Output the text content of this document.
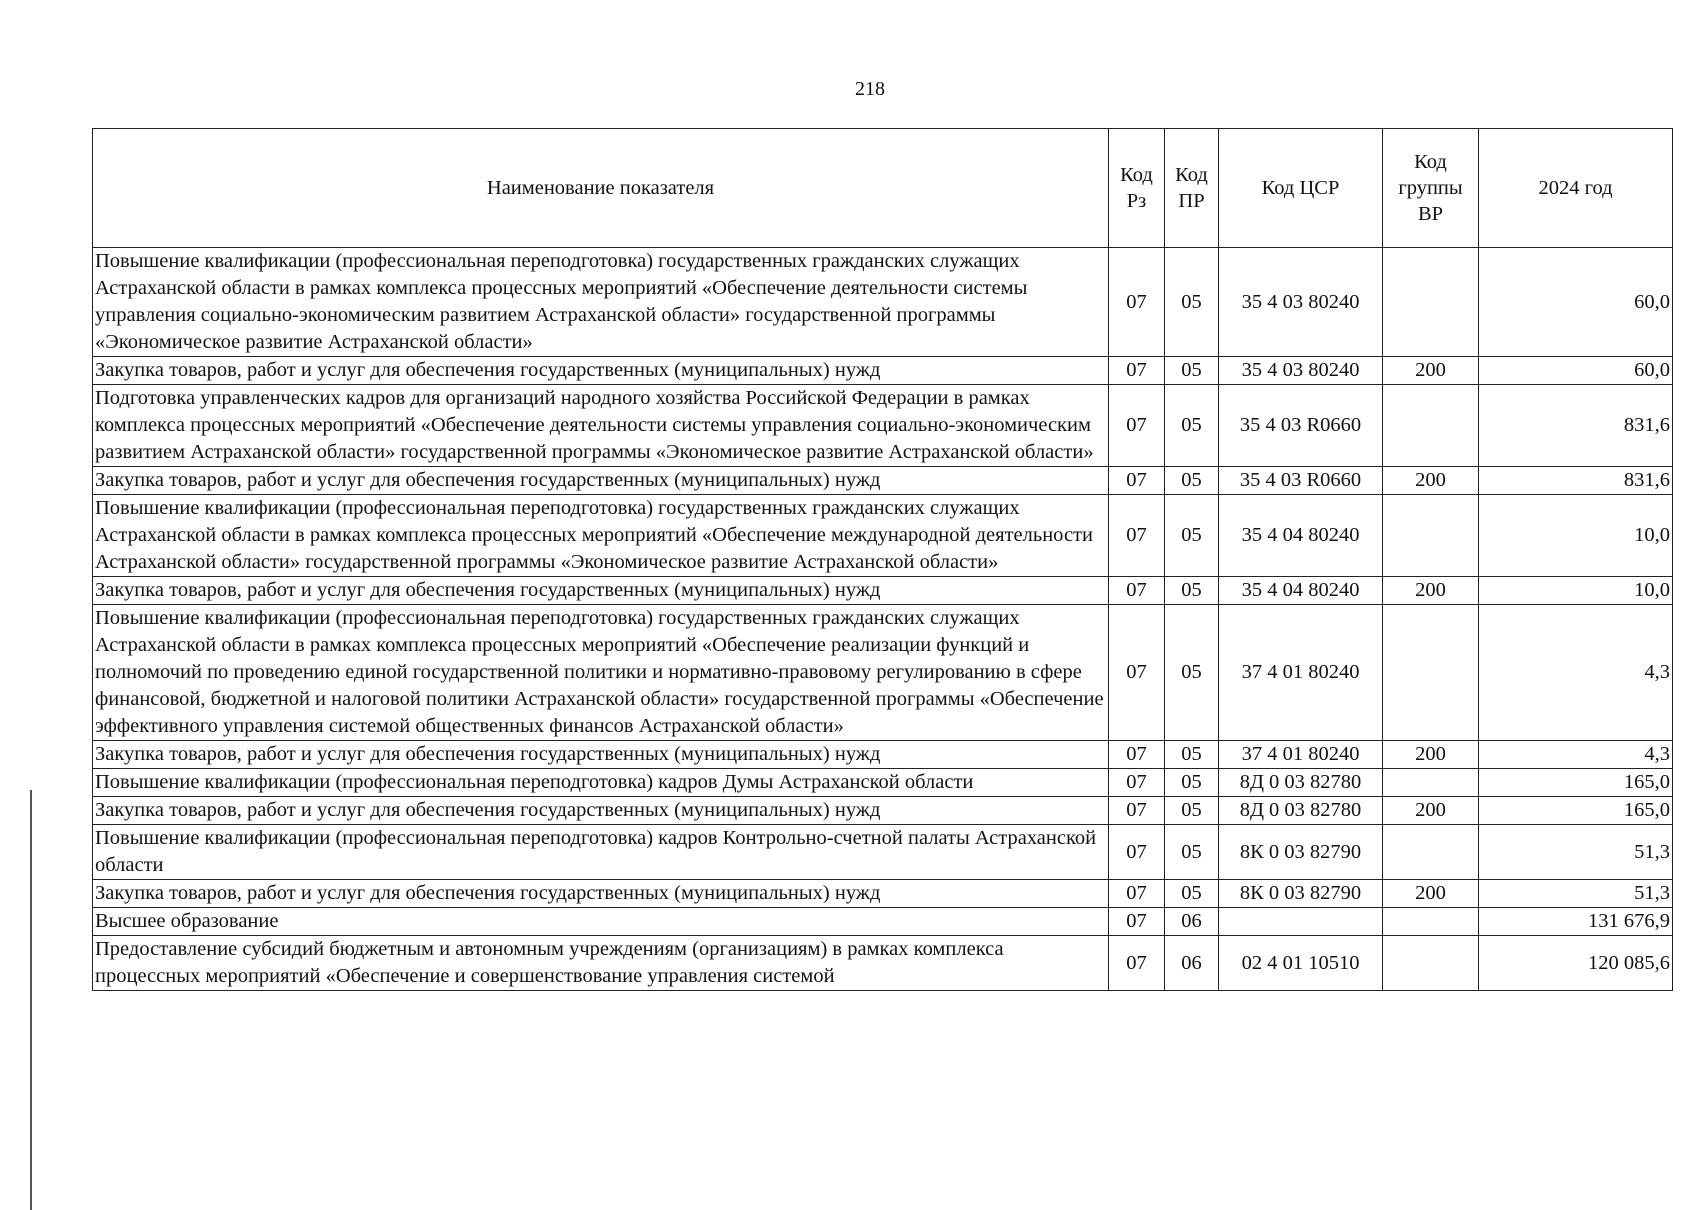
218
Наименование показателя	Код Рз	Код ПР	Код ЦСР	Код группы ВР	2024 год
Повышение квалификации (профессиональная переподготовка) государственных гражданских служащих Астраханской области в рамках комплекса процессных мероприятий «Обеспечение деятельности системы управления социально-экономическим развитием Астраханской области» государственной программы «Экономическое развитие Астраханской области»	07	05	35 4 03 80240		60,0
Закупка товаров, работ и услуг для обеспечения государственных (муниципальных) нужд	07	05	35 4 03 80240	200	60,0
Подготовка управленческих кадров для организаций народного хозяйства Российской Федерации в рамках комплекса процессных мероприятий «Обеспечение деятельности системы управления социально-экономическим развитием Астраханской области» государственной программы «Экономическое развитие Астраханской области»	07	05	35 4 03 R0660		831,6
Закупка товаров, работ и услуг для обеспечения государственных (муниципальных) нужд	07	05	35 4 03 R0660	200	831,6
Повышение квалификации (профессиональная переподготовка) государственных гражданских служащих Астраханской области в рамках комплекса процессных мероприятий «Обеспечение международной деятельности Астраханской области» государственной программы «Экономическое развитие Астраханской области»	07	05	35 4 04 80240		10,0
Закупка товаров, работ и услуг для обеспечения государственных (муниципальных) нужд	07	05	35 4 04 80240	200	10,0
Повышение квалификации (профессиональная переподготовка) государственных гражданских служащих Астраханской области в рамках комплекса процессных мероприятий «Обеспечение реализации функций и полномочий по проведению единой государственной политики и нормативно-правовому регулированию в сфере финансовой, бюджетной и налоговой политики Астраханской области» государственной программы «Обеспечение эффективного управления системой общественных финансов Астраханской области»	07	05	37 4 01 80240		4,3
Закупка товаров, работ и услуг для обеспечения государственных (муниципальных) нужд	07	05	37 4 01 80240	200	4,3
Повышение квалификации (профессиональная переподготовка) кадров Думы Астраханской области	07	05	8Д 0 03 82780		165,0
Закупка товаров, работ и услуг для обеспечения государственных (муниципальных) нужд	07	05	8Д 0 03 82780	200	165,0
Повышение квалификации (профессиональная переподготовка) кадров Контрольно-счетной палаты Астраханской области	07	05	8К 0 03 82790		51,3
Закупка товаров, работ и услуг для обеспечения государственных (муниципальных) нужд	07	05	8К 0 03 82790	200	51,3
Высшее образование	07	06			131 676,9
Предоставление субсидий бюджетным и автономным учреждениям (организациям) в рамках комплекса процессных мероприятий «Обеспечение и совершенствование управления системой	07	06	02 4 01 10510		120 085,6
